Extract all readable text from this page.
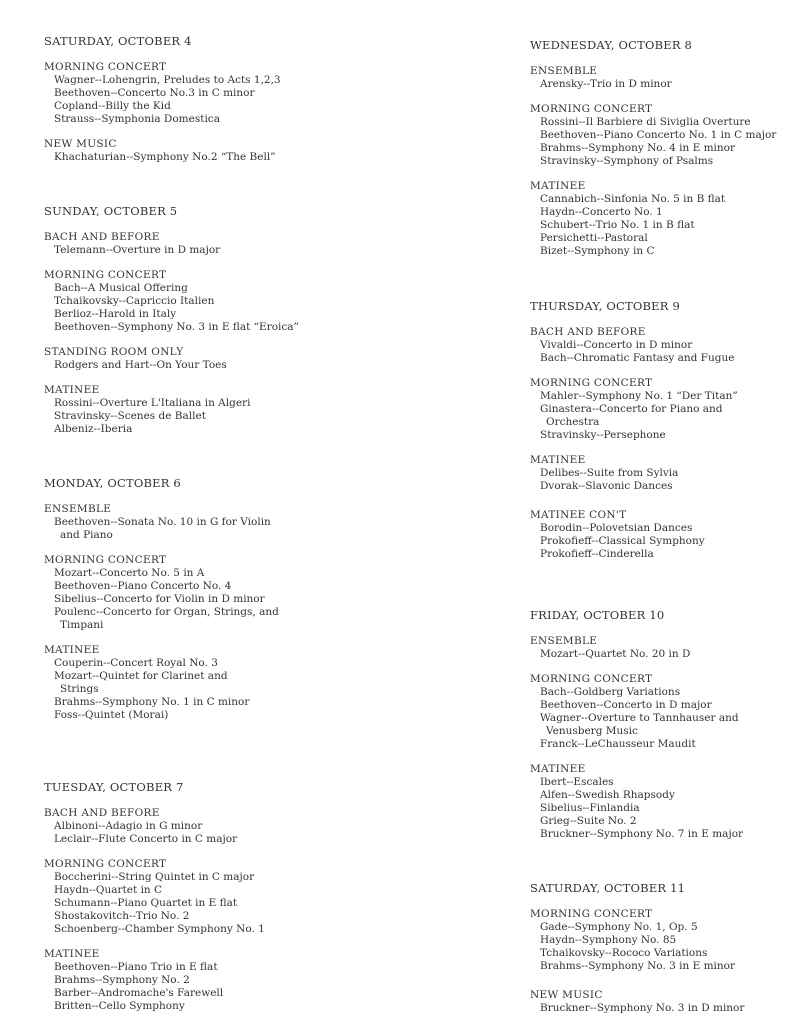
SATURDAY, OCTOBER 4
MORNING CONCERT
Wagner--Lohengrin, Preludes to Acts 1,2,3
Beethoven--Concerto No.3 in C minor
Copland--Billy the Kid
Strauss--Symphonia Domestica
NEW MUSIC
Khachaturian--Symphony No.2 “The Bell”
SUNDAY, OCTOBER 5
BACH AND BEFORE
Telemann--Overture in D major
MORNING CONCERT
Bach--A Musical Offering
Tchaikovsky--Capriccio Italien
Berlioz--Harold in Italy
Beethoven--Symphony No. 3 in E flat “Eroica”
STANDING ROOM ONLY
Rodgers and Hart--On Your Toes
MATINEE
Rossini--Overture L'Italiana in Algeri
Stravinsky--Scenes de Ballet
Albeniz--Iberia
MONDAY, OCTOBER 6
ENSEMBLE
Beethoven--Sonata No. 10 in G for Violin
and Piano
MORNING CONCERT
Mozart--Concerto No. 5 in A
Beethoven--Piano Concerto No. 4
Sibelius--Concerto for Violin in D minor
Poulenc--Concerto for Organ, Strings, and
Timpani
MATINEE
Couperin--Concert Royal No. 3
Mozart--Quintet for Clarinet and
Strings
Brahms--Symphony No. 1 in C minor
Foss--Quintet (Morai)
TUESDAY, OCTOBER 7
BACH AND BEFORE
Albinoni--Adagio in G minor
Leclair--Flute Concerto in C major
MORNING CONCERT
Boccherini--String Quintet in C major
Haydn--Quartet in C
Schumann--Piano Quartet in E flat
Shostakovitch--Trio No. 2
Schoenberg--Chamber Symphony No. 1
MATINEE
Beethoven--Piano Trio in E flat
Brahms--Symphony No. 2
Barber--Andromache's Farewell
Britten--Cello Symphony
WEDNESDAY, OCTOBER 8
ENSEMBLE
Arensky--Trio in D minor
MORNING CONCERT
Rossini--Il Barbiere di Siviglia Overture
Beethoven--Piano Concerto No. 1 in C major
Brahms--Symphony No. 4 in E minor
Stravinsky--Symphony of Psalms
MATINEE
Cannabich--Sinfonia No. 5 in B flat
Haydn--Concerto No. 1
Schubert--Trio No. 1 in B flat
Persichetti--Pastoral
Bizet--Symphony in C
THURSDAY, OCTOBER 9
BACH AND BEFORE
Vivaldi--Concerto in D minor
Bach--Chromatic Fantasy and Fugue
MORNING CONCERT
Mahler--Symphony No. 1 “Der Titan”
Ginastera--Concerto for Piano and
Orchestra
Stravinsky--Persephone
MATINEE
Delibes--Suite from Sylvia
Dvorak--Slavonic Dances
MATINEE CON'T
Borodin--Polovetsian Dances
Prokofieff--Classical Symphony
Prokofieff--Cinderella
FRIDAY, OCTOBER 10
ENSEMBLE
Mozart--Quartet No. 20 in D
MORNING CONCERT
Bach--Goldberg Variations
Beethoven--Concerto in D major
Wagner--Overture to Tannhauser and
Venusberg Music
Franck--LeChausseur Maudit
MATINEE
Ibert--Escales
Alfen--Swedish Rhapsody
Sibelius--Finlandia
Grieg--Suite No. 2
Bruckner--Symphony No. 7 in E major
SATURDAY, OCTOBER 11
MORNING CONCERT
Gade--Symphony No. 1, Op. 5
Haydn--Symphony No. 85
Tchaikovsky--Rococo Variations
Brahms--Symphony No. 3 in E minor
NEW MUSIC
Bruckner--Symphony No. 3 in D minor
